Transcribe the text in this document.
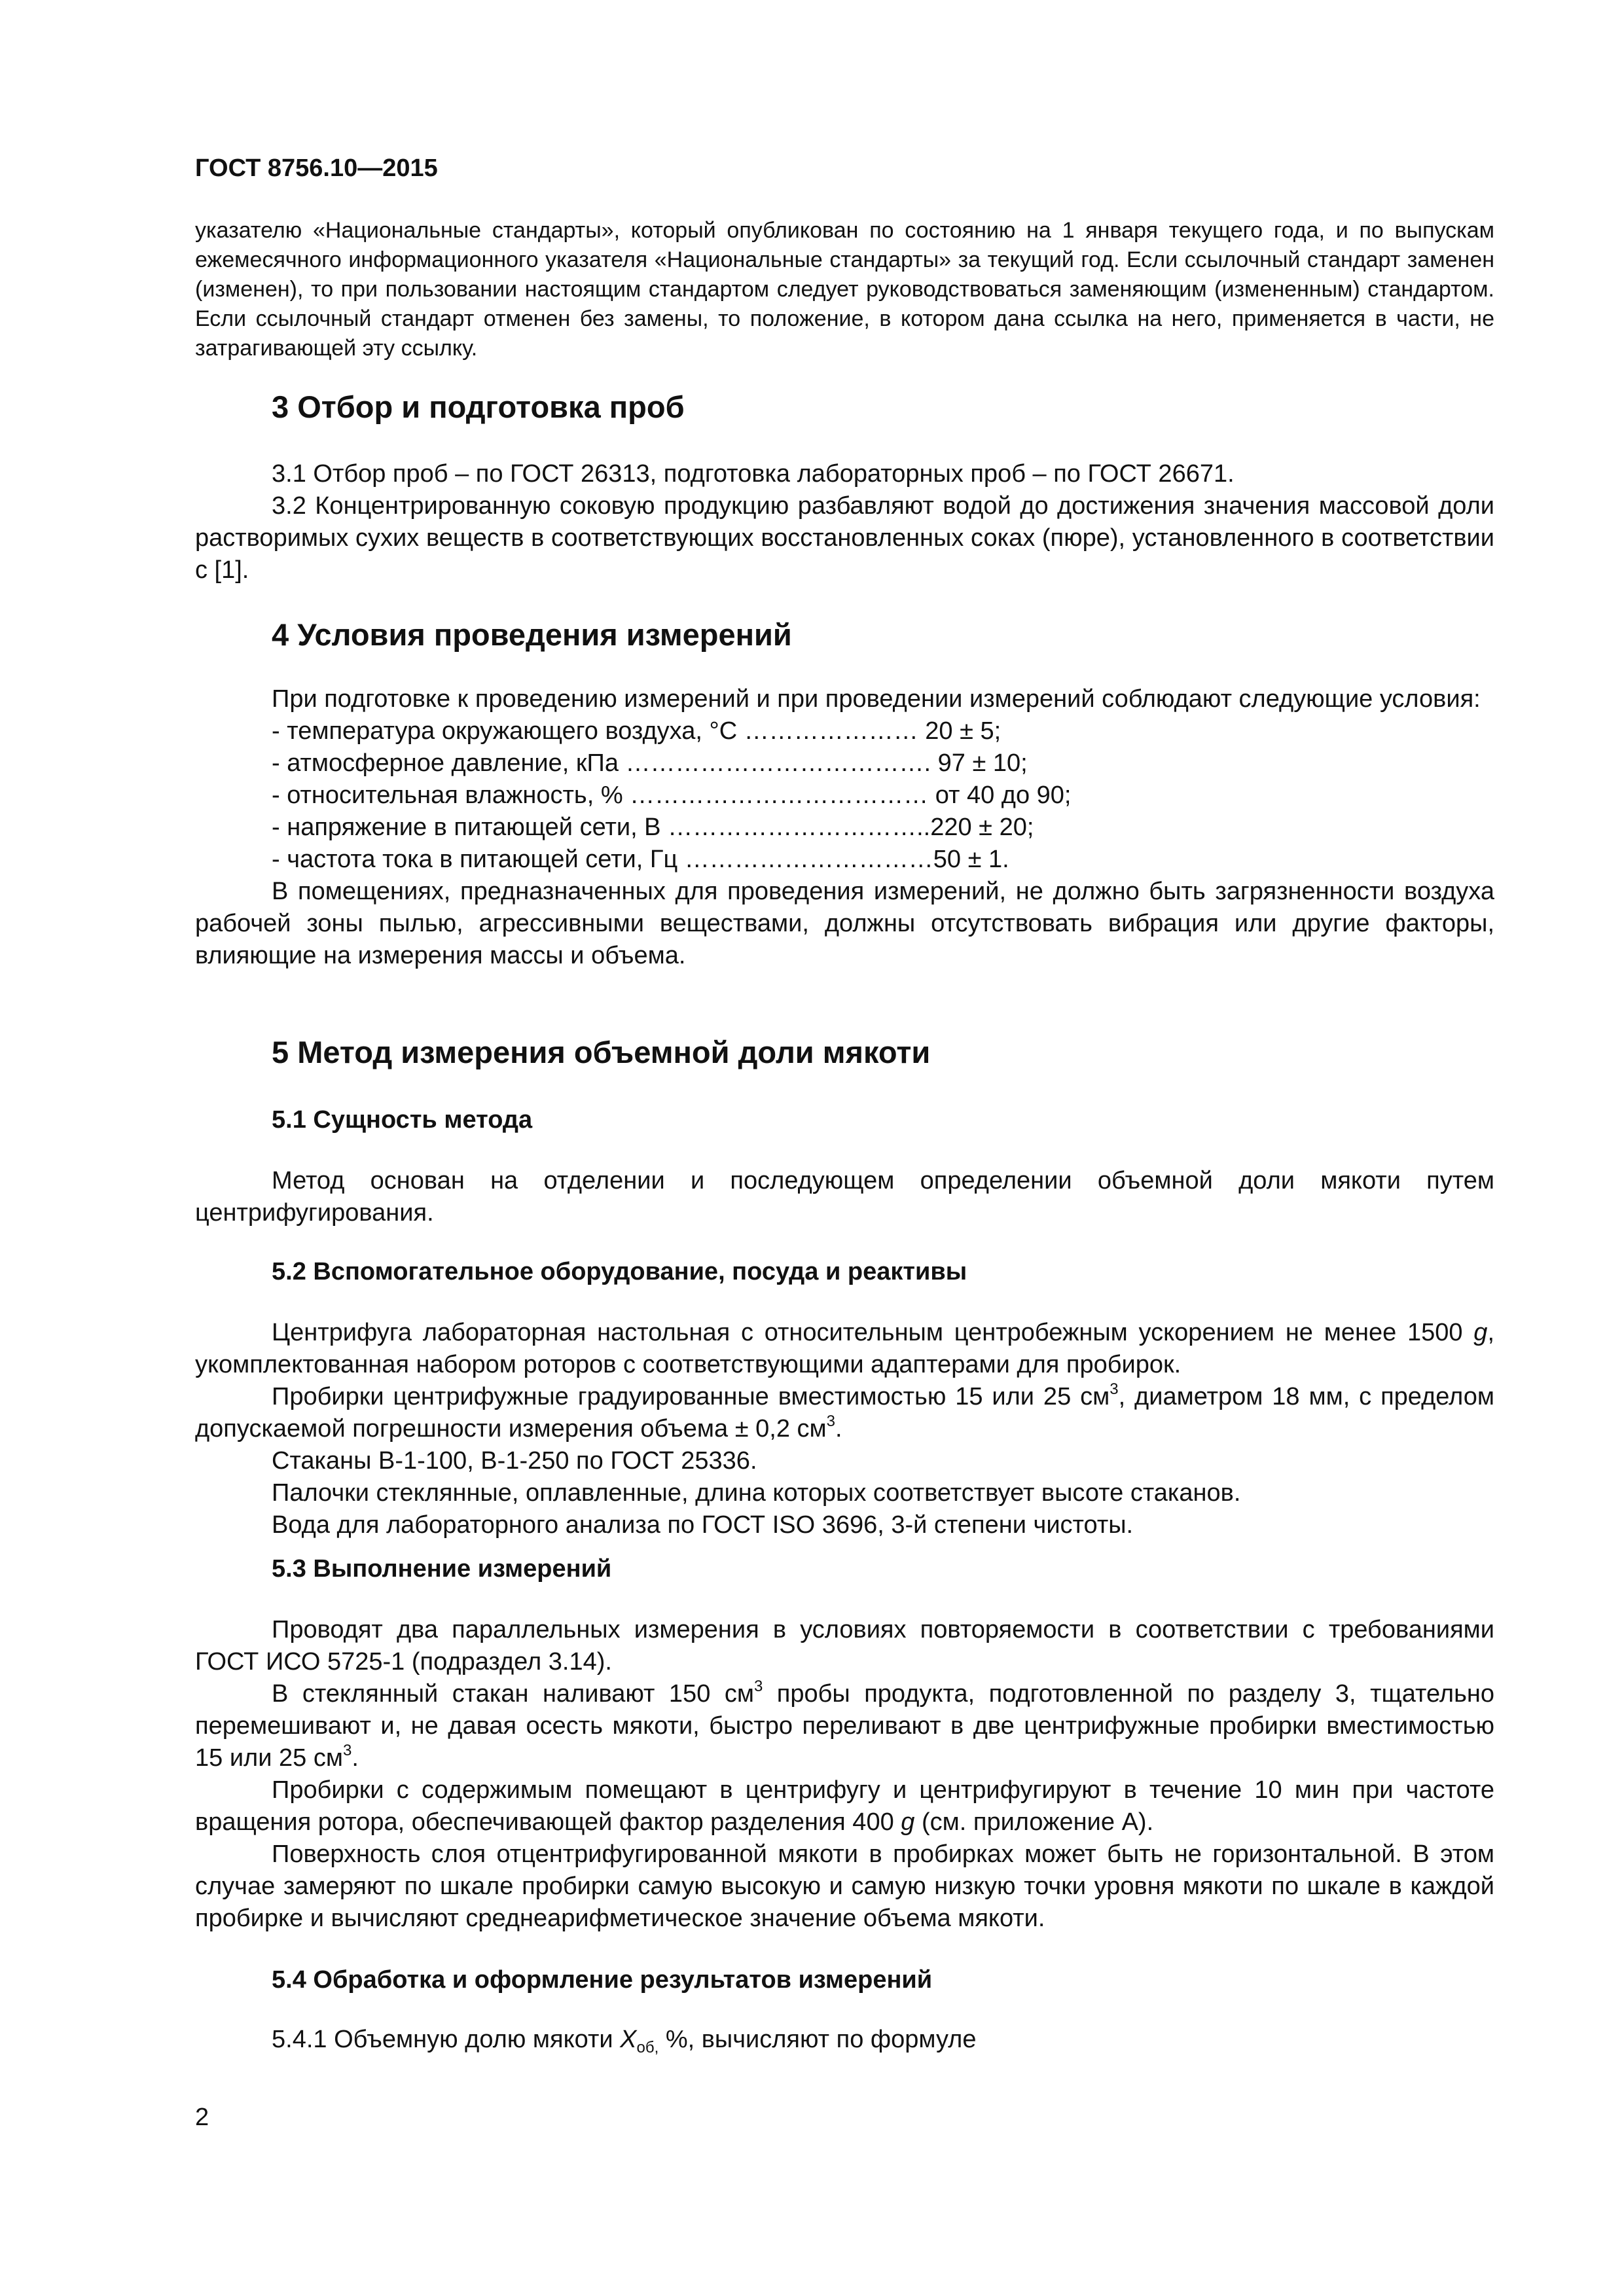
ГОСТ 8756.10—2015

указателю «Национальные стандарты», который опубликован по состоянию на 1 января текущего года, и по выпускам ежемесячного информационного указателя «Национальные стандарты» за текущий год. Если ссылочный стандарт заменен (изменен), то при пользовании настоящим стандартом следует руководствоваться заменяющим (измененным) стандартом. Если ссылочный стандарт отменен без замены, то положение, в котором дана ссылка на него, применяется в части, не затрагивающей эту ссылку.

3 Отбор и подготовка проб

3.1 Отбор проб – по ГОСТ 26313, подготовка лабораторных проб – по ГОСТ 26671.

3.2 Концентрированную соковую продукцию разбавляют водой до достижения значения массовой доли растворимых сухих веществ в соответствующих восстановленных соках (пюре), установленного в соответствии с [1].

4 Условия проведения измерений

При подготовке к проведению измерений и при проведении измерений соблюдают следующие условия:

- температура окружающего воздуха, °С ………………… 20 ± 5;
- атмосферное давление, кПа ………………………………. 97 ± 10;
- относительная влажность, % ……………………………… от 40 до 90;
- напряжение в питающей сети, В …………………………..220 ± 20;
- частота тока в питающей сети, Гц …………………………50 ± 1.

В помещениях, предназначенных для проведения измерений, не должно быть загрязненности воздуха рабочей зоны пылью, агрессивными веществами, должны отсутствовать вибрация или другие факторы, влияющие на измерения массы и объема.

5 Метод измерения объемной доли мякоти
5.1 Сущность метода

Метод основан на отделении и последующем определении объемной доли мякоти путем центрифугирования.

5.2 Вспомогательное оборудование, посуда и реактивы

Центрифуга лабораторная настольная с относительным центробежным ускорением не менее 1500 g, укомплектованная набором роторов с соответствующими адаптерами для пробирок.

Пробирки центрифужные градуированные вместимостью 15 или 25 $см^3$, диаметром 18 мм, с пределом допускаемой погрешности измерения объема ± 0,2 $см^3$.

Стаканы В-1-100, В-1-250 по ГОСТ 25336.

Палочки стеклянные, оплавленные, длина которых соответствует высоте стаканов.

Вода для лабораторного анализа по ГОСТ ISO 3696, 3-й степени чистоты.

5.3 Выполнение измерений

Проводят два параллельных измерения в условиях повторяемости в соответствии с требованиями ГОСТ ИСО 5725-1 (подраздел 3.14).

В стеклянный стакан наливают 150 $см^3$ пробы продукта, подготовленной по разделу 3, тщательно перемешивают и, не давая осесть мякоти, быстро переливают в две центрифужные пробирки вместимостью 15 или 25 $см^3$.

Пробирки с содержимым помещают в центрифугу и центрифугируют в течение 10 мин при частоте вращения ротора, обеспечивающей фактор разделения 400 g (см. приложение А).

Поверхность слоя отцентрифугированной мякоти в пробирках может быть не горизонтальной. В этом случае замеряют по шкале пробирки самую высокую и самую низкую точки уровня мякоти по шкале в каждой пробирке и вычисляют среднеарифметическое значение объема мякоти.

5.4 Обработка и оформление результатов измерений

5.4.1 Объемную долю мякоти $X_{об,}$ %, вычисляют по формуле

2
